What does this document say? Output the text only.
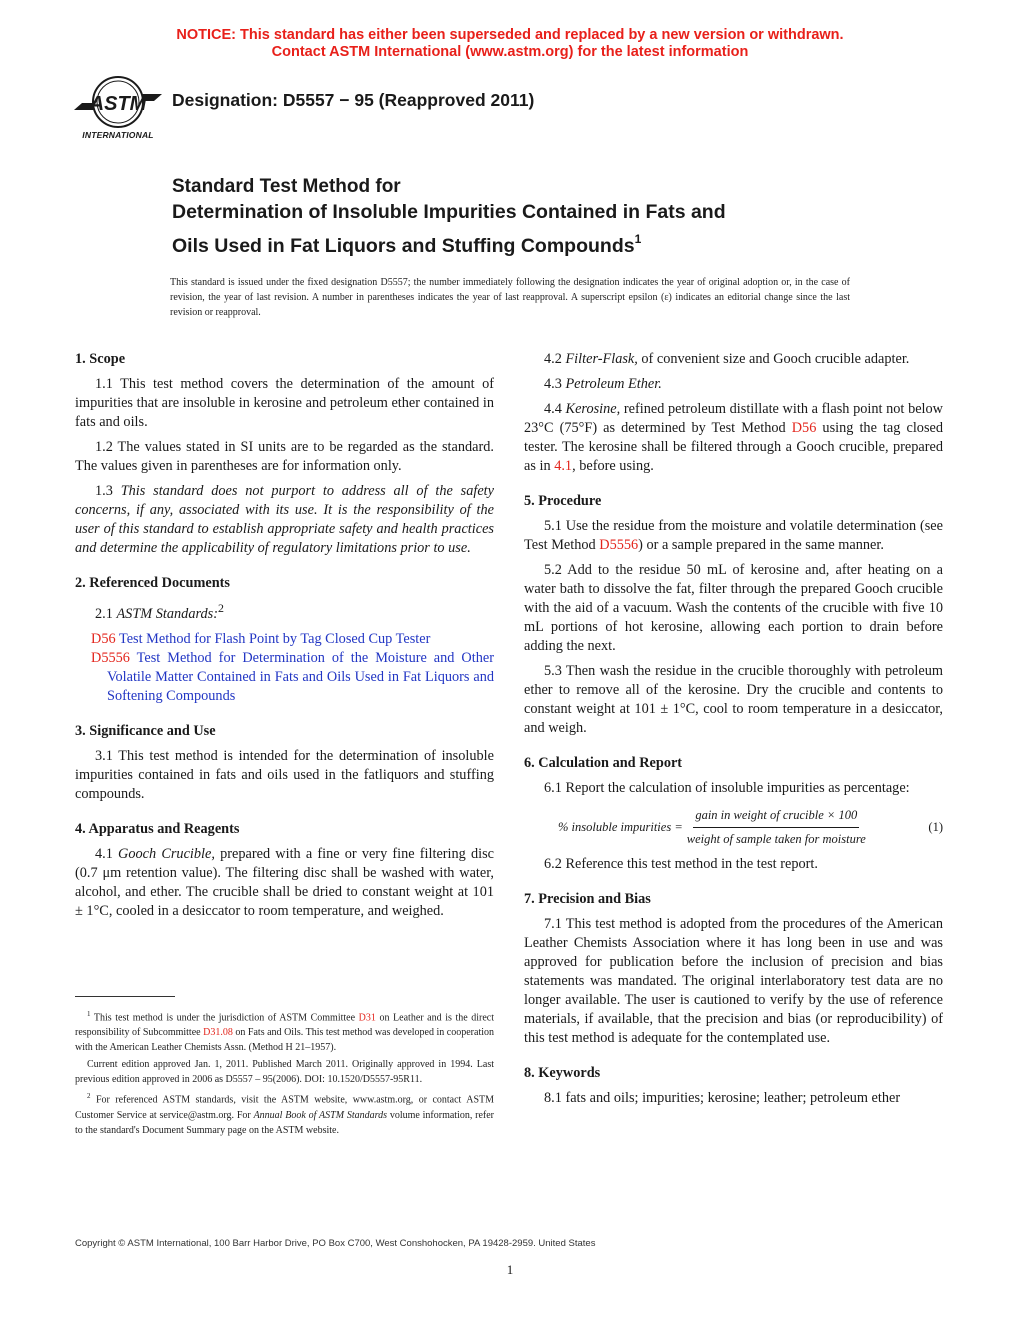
NOTICE: This standard has either been superseded and replaced by a new version or withdrawn.
Contact ASTM International (www.astm.org) for the latest information
ASTM
INTERNATIONAL
Designation: D5557 − 95 (Reapproved 2011)
Standard Test Method for
Determination of Insoluble Impurities Contained in Fats and
Oils Used in Fat Liquors and Stuffing Compounds$^1$
This standard is issued under the fixed designation D5557; the number immediately following the designation indicates the year of original adoption or, in the case of revision, the year of last revision. A number in parentheses indicates the year of last reapproval. A superscript epsilon (ε) indicates an editorial change since the last revision or reapproval.
1. Scope

1.1 This test method covers the determination of the amount of impurities that are insoluble in kerosine and petroleum ether contained in fats and oils.

1.2 The values stated in SI units are to be regarded as the standard. The values given in parentheses are for information only.

1.3 This standard does not purport to address all of the safety concerns, if any, associated with its use. It is the responsibility of the user of this standard to establish appropriate safety and health practices and determine the applicability of regulatory limitations prior to use.

2. Referenced Documents

2.1 ASTM Standards:$^2$

D56 Test Method for Flash Point by Tag Closed Cup Tester
D5556 Test Method for Determination of the Moisture and Other Volatile Matter Contained in Fats and Oils Used in Fat Liquors and Softening Compounds
3. Significance and Use

3.1 This test method is intended for the determination of insoluble impurities contained in fats and oils used in the fatliquors and stuffing compounds.

4. Apparatus and Reagents

4.1 Gooch Crucible, prepared with a fine or very fine filtering disc (0.7 μm retention value). The filtering disc shall be washed with water, alcohol, and ether. The crucible shall be dried to constant weight at 101 ± 1°C, cooled in a desiccator to room temperature, and weighed.

$^1$ This test method is under the jurisdiction of ASTM Committee D31 on Leather and is the direct responsibility of Subcommittee D31.08 on Fats and Oils. This test method was developed in cooperation with the American Leather Chemists Assn. (Method H 21–1957).

Current edition approved Jan. 1, 2011. Published March 2011. Originally approved in 1994. Last previous edition approved in 2006 as D5557 – 95(2006). DOI: 10.1520/D5557-95R11.

$^2$ For referenced ASTM standards, visit the ASTM website, www.astm.org, or contact ASTM Customer Service at service@astm.org. For Annual Book of ASTM Standards volume information, refer to the standard's Document Summary page on the ASTM website.

4.2 Filter-Flask, of convenient size and Gooch crucible adapter.

4.3 Petroleum Ether.

4.4 Kerosine, refined petroleum distillate with a flash point not below 23°C (75°F) as determined by Test Method D56 using the tag closed tester. The kerosine shall be filtered through a Gooch crucible, prepared as in 4.1, before using.

5. Procedure

5.1 Use the residue from the moisture and volatile determination (see Test Method D5556) or a sample prepared in the same manner.

5.2 Add to the residue 50 mL of kerosine and, after heating on a water bath to dissolve the fat, filter through the prepared Gooch crucible with the aid of a vacuum. Wash the contents of the crucible with five 10 mL portions of hot kerosine, allowing each portion to drain before adding the next.

5.3 Then wash the residue in the crucible thoroughly with petroleum ether to remove all of the kerosine. Dry the crucible and contents to constant weight at 101 ± 1°C, cool to room temperature in a desiccator, and weigh.

6. Calculation and Report

6.1 Report the calculation of insoluble impurities as percentage:

% insoluble impurities = $\frac{\text{gain in weight of crucible × 100}}{\text{weight of sample taken for moisture}}$	(1)

6.2 Reference this test method in the test report.

7. Precision and Bias

7.1 This test method is adopted from the procedures of the American Leather Chemists Association where it has long been in use and was approved for publication before the inclusion of precision and bias statements was mandated. The original interlaboratory test data are no longer available. The user is cautioned to verify by the use of reference materials, if available, that the precision and bias (or reproducibility) of this test method is adequate for the contemplated use.

8. Keywords

8.1 fats and oils; impurities; kerosine; leather; petroleum ether

Copyright © ASTM International, 100 Barr Harbor Drive, PO Box C700, West Conshohocken, PA 19428-2959. United States
1
